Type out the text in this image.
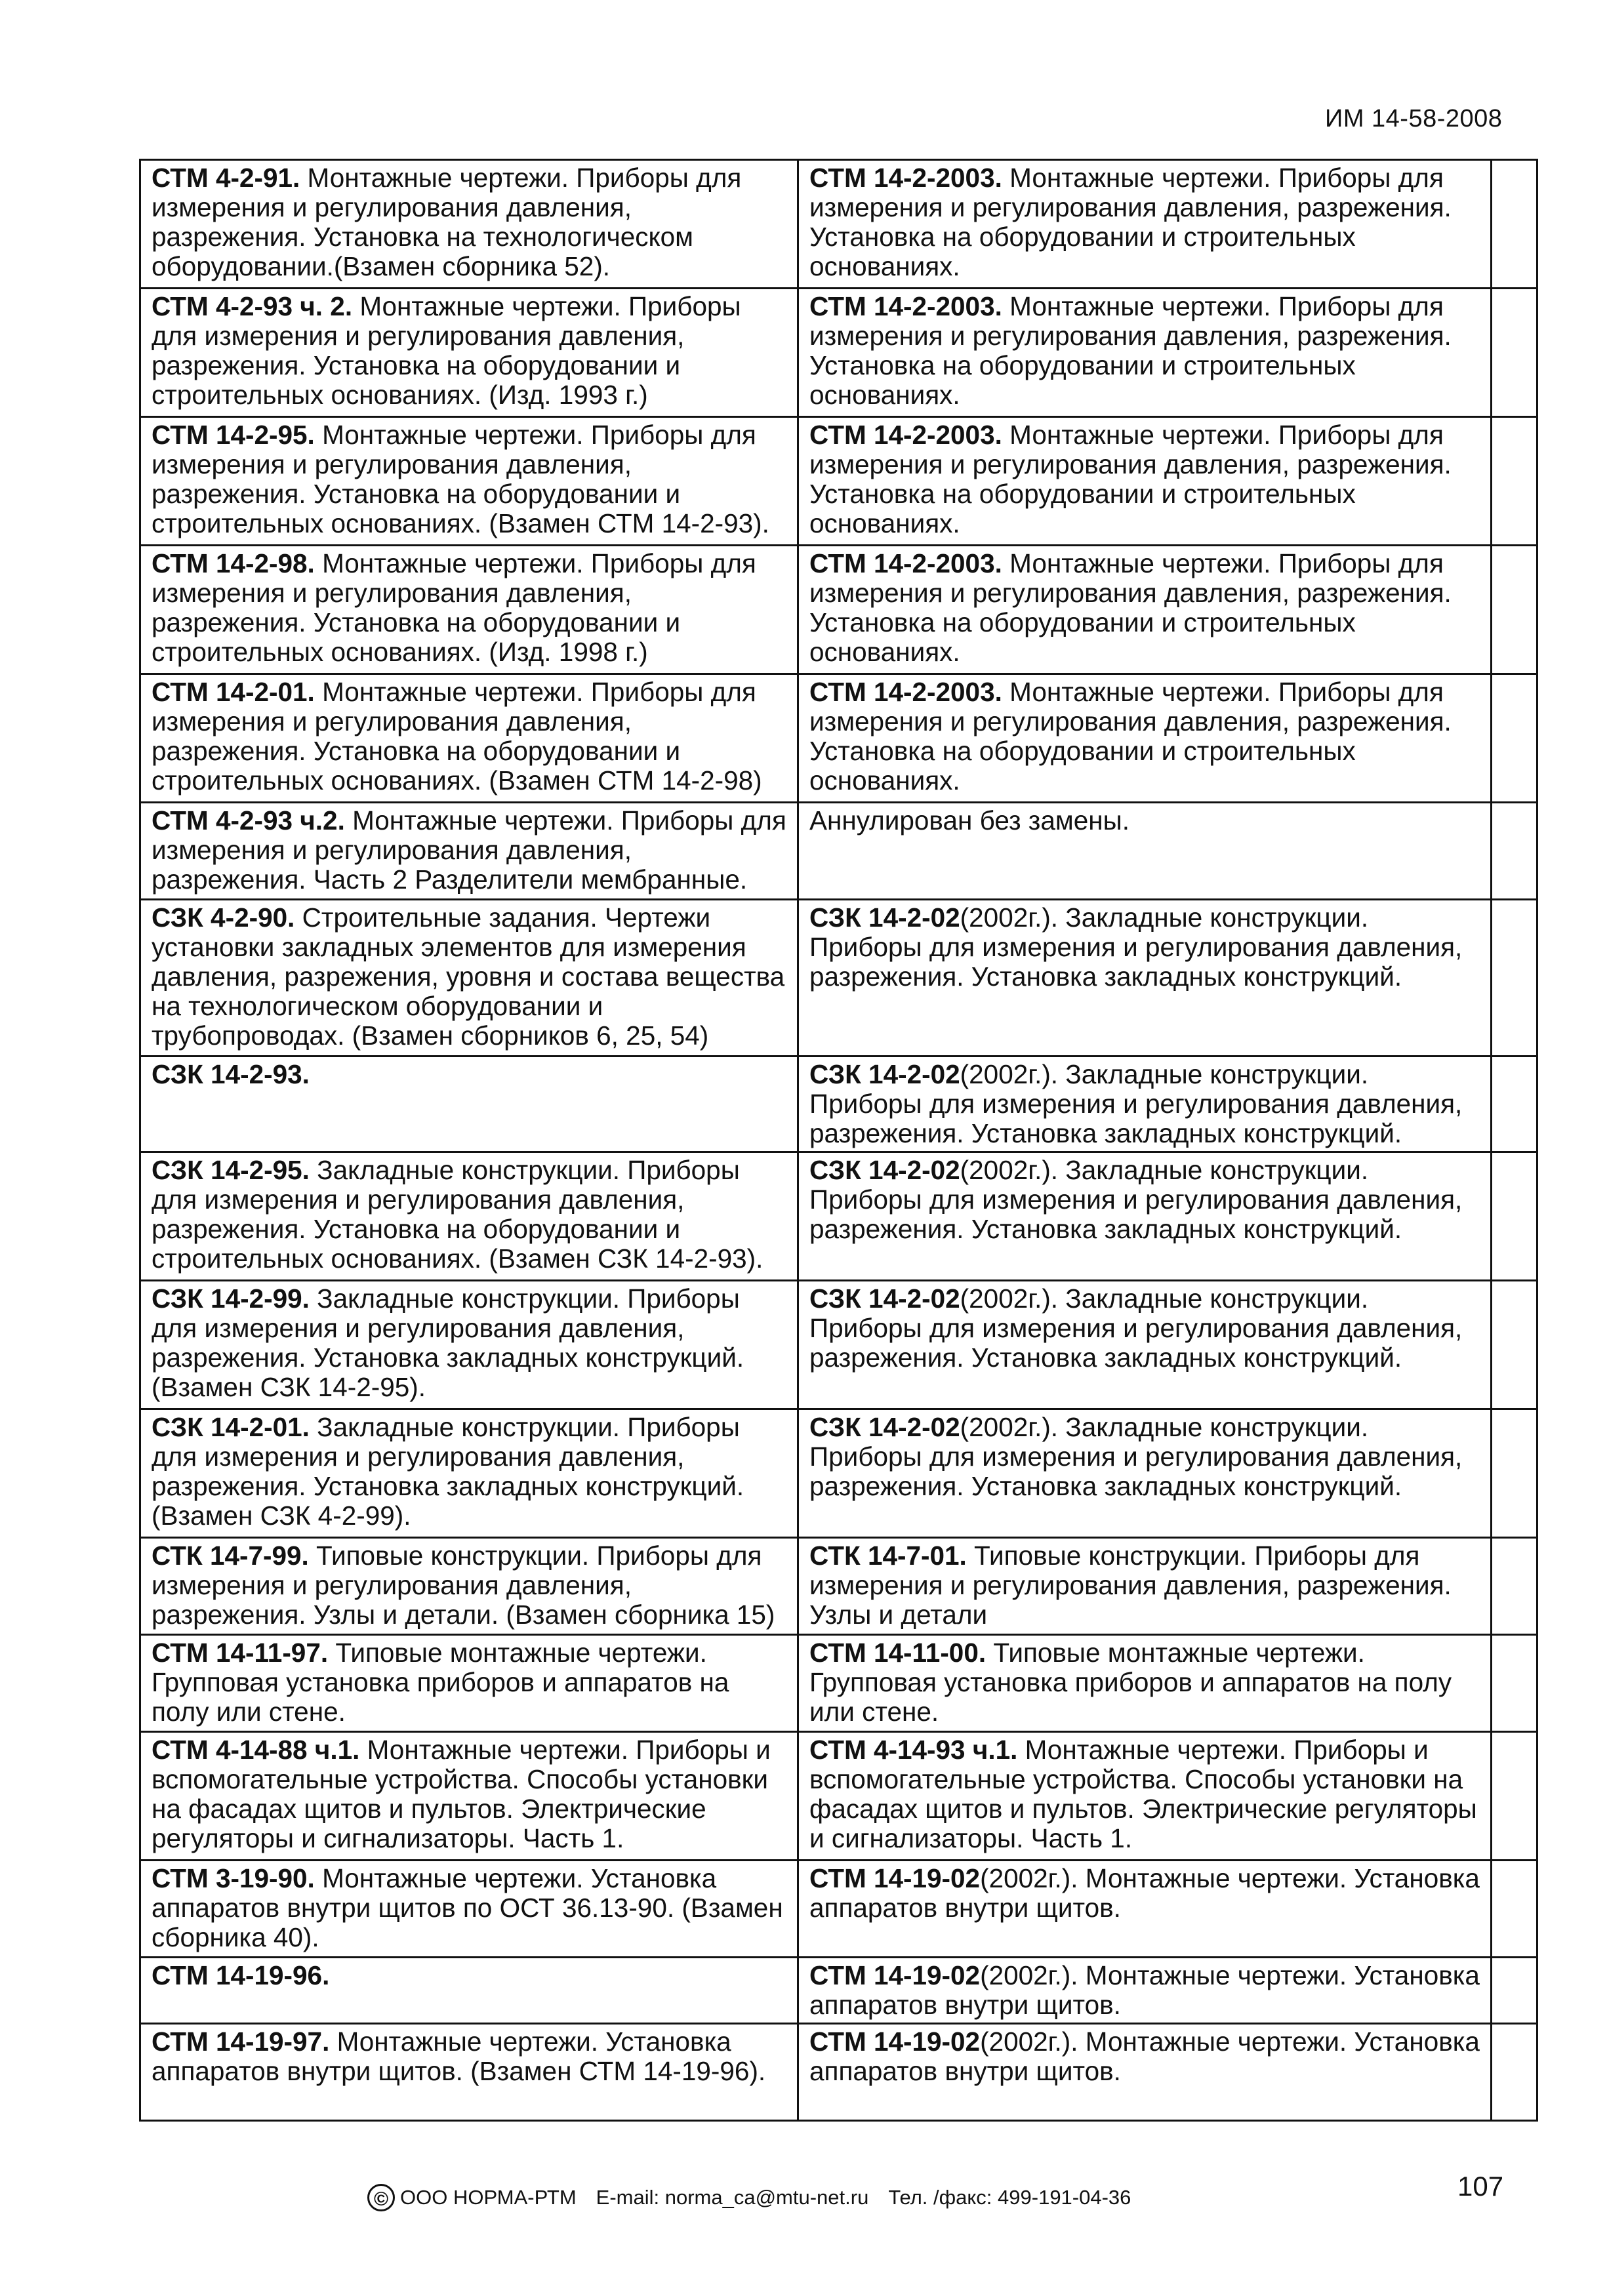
ИМ 14-58-2008
СТМ 4-2-91. Монтажные чертежи. Приборы для измерения и регулирования давления, разрежения. Установка на технологическом оборудовании.(Взамен сборника 52).	СТМ 14-2-2003. Монтажные чертежи. Приборы для измерения и регулирования давления, разрежения. Установка на оборудовании и строительных основаниях.	
СТМ 4-2-93 ч. 2. Монтажные чертежи. Приборы для измерения и регулирования давления, разрежения. Установка на оборудовании и строительных основаниях. (Изд. 1993 г.)	СТМ 14-2-2003. Монтажные чертежи. Приборы для измерения и регулирования давления, разрежения. Установка на оборудовании и строительных основаниях.	
СТМ 14-2-95. Монтажные чертежи. Приборы для измерения и регулирования давления, разрежения. Установка на оборудовании и строительных основаниях. (Взамен СТМ 14-2-93).	СТМ 14-2-2003. Монтажные чертежи. Приборы для измерения и регулирования давления, разрежения. Установка на оборудовании и строительных основаниях.	
СТМ 14-2-98. Монтажные чертежи. Приборы для измерения и регулирования давления, разрежения. Установка на оборудовании и строительных основаниях. (Изд. 1998 г.)	СТМ 14-2-2003. Монтажные чертежи. Приборы для измерения и регулирования давления, разрежения. Установка на оборудовании и строительных основаниях.	
СТМ 14-2-01. Монтажные чертежи. Приборы для измерения и регулирования давления, разрежения. Установка на оборудовании и строительных основаниях. (Взамен СТМ 14-2-98)	СТМ 14-2-2003. Монтажные чертежи. Приборы для измерения и регулирования давления, разрежения. Установка на оборудовании и строительных основаниях.	
СТМ 4-2-93 ч.2. Монтажные чертежи. Приборы для измерения и регулирования давления, разрежения. Часть 2 Разделители мембранные.	Аннулирован без замены.	
СЗК 4-2-90. Строительные задания. Чертежи установки закладных элементов для измерения давления, разрежения, уровня и состава вещества на технологическом оборудовании и трубопроводах. (Взамен сборников 6, 25, 54)	СЗК 14-2-02(2002г.). Закладные конструкции. Приборы для измерения и регулирования давления, разрежения. Установка закладных конструкций.	
СЗК 14-2-93.	СЗК 14-2-02(2002г.). Закладные конструкции. Приборы для измерения и регулирования давления, разрежения. Установка закладных конструкций.	
СЗК 14-2-95. Закладные конструкции. Приборы для измерения и регулирования давления, разрежения. Установка на оборудовании и строительных основаниях. (Взамен СЗК 14-2-93).	СЗК 14-2-02(2002г.). Закладные конструкции. Приборы для измерения и регулирования давления, разрежения. Установка закладных конструкций.	
СЗК 14-2-99. Закладные конструкции. Приборы для измерения и регулирования давления, разрежения. Установка закладных конструкций. (Взамен СЗК 14-2-95).	СЗК 14-2-02(2002г.). Закладные конструкции. Приборы для измерения и регулирования давления, разрежения. Установка закладных конструкций.	
СЗК 14-2-01. Закладные конструкции. Приборы для измерения и регулирования давления, разрежения. Установка закладных конструкций. (Взамен СЗК 4-2-99).	СЗК 14-2-02(2002г.). Закладные конструкции. Приборы для измерения и регулирования давления, разрежения. Установка закладных конструкций.	
СТК 14-7-99. Типовые конструкции. Приборы для измерения и регулирования давления, разрежения. Узлы и детали. (Взамен сборника 15)	СТК 14-7-01. Типовые конструкции. Приборы для измерения и регулирования давления, разрежения. Узлы и детали	
СТМ 14-11-97. Типовые монтажные чертежи. Групповая установка приборов и аппаратов на полу или стене.	СТМ 14-11-00. Типовые монтажные чертежи. Групповая установка приборов и аппаратов на полу или стене.	
СТМ 4-14-88 ч.1. Монтажные чертежи. Приборы и вспомогательные устройства. Способы установки на фасадах щитов и пультов. Электрические регуляторы и сигнализаторы. Часть 1.	СТМ 4-14-93 ч.1. Монтажные чертежи. Приборы и вспомогательные устройства. Способы установки на фасадах щитов и пультов. Электрические регуляторы и сигнализаторы. Часть 1.	
СТМ 3-19-90. Монтажные чертежи. Установка аппаратов внутри щитов по ОСТ 36.13-90. (Взамен сборника 40).	СТМ 14-19-02(2002г.). Монтажные чертежи. Установка аппаратов внутри щитов.	
СТМ 14-19-96.	СТМ 14-19-02(2002г.). Монтажные чертежи. Установка аппаратов внутри щитов.	
СТМ 14-19-97. Монтажные чертежи. Установка аппаратов внутри щитов. (Взамен СТМ 14-19-96).	СТМ 14-19-02(2002г.). Монтажные чертежи. Установка аппаратов внутри щитов.	
© ООО НОРМА-РТМ E-mail: norma_ca@mtu-net.ru Тел. /факс: 499-191-04-36	107
